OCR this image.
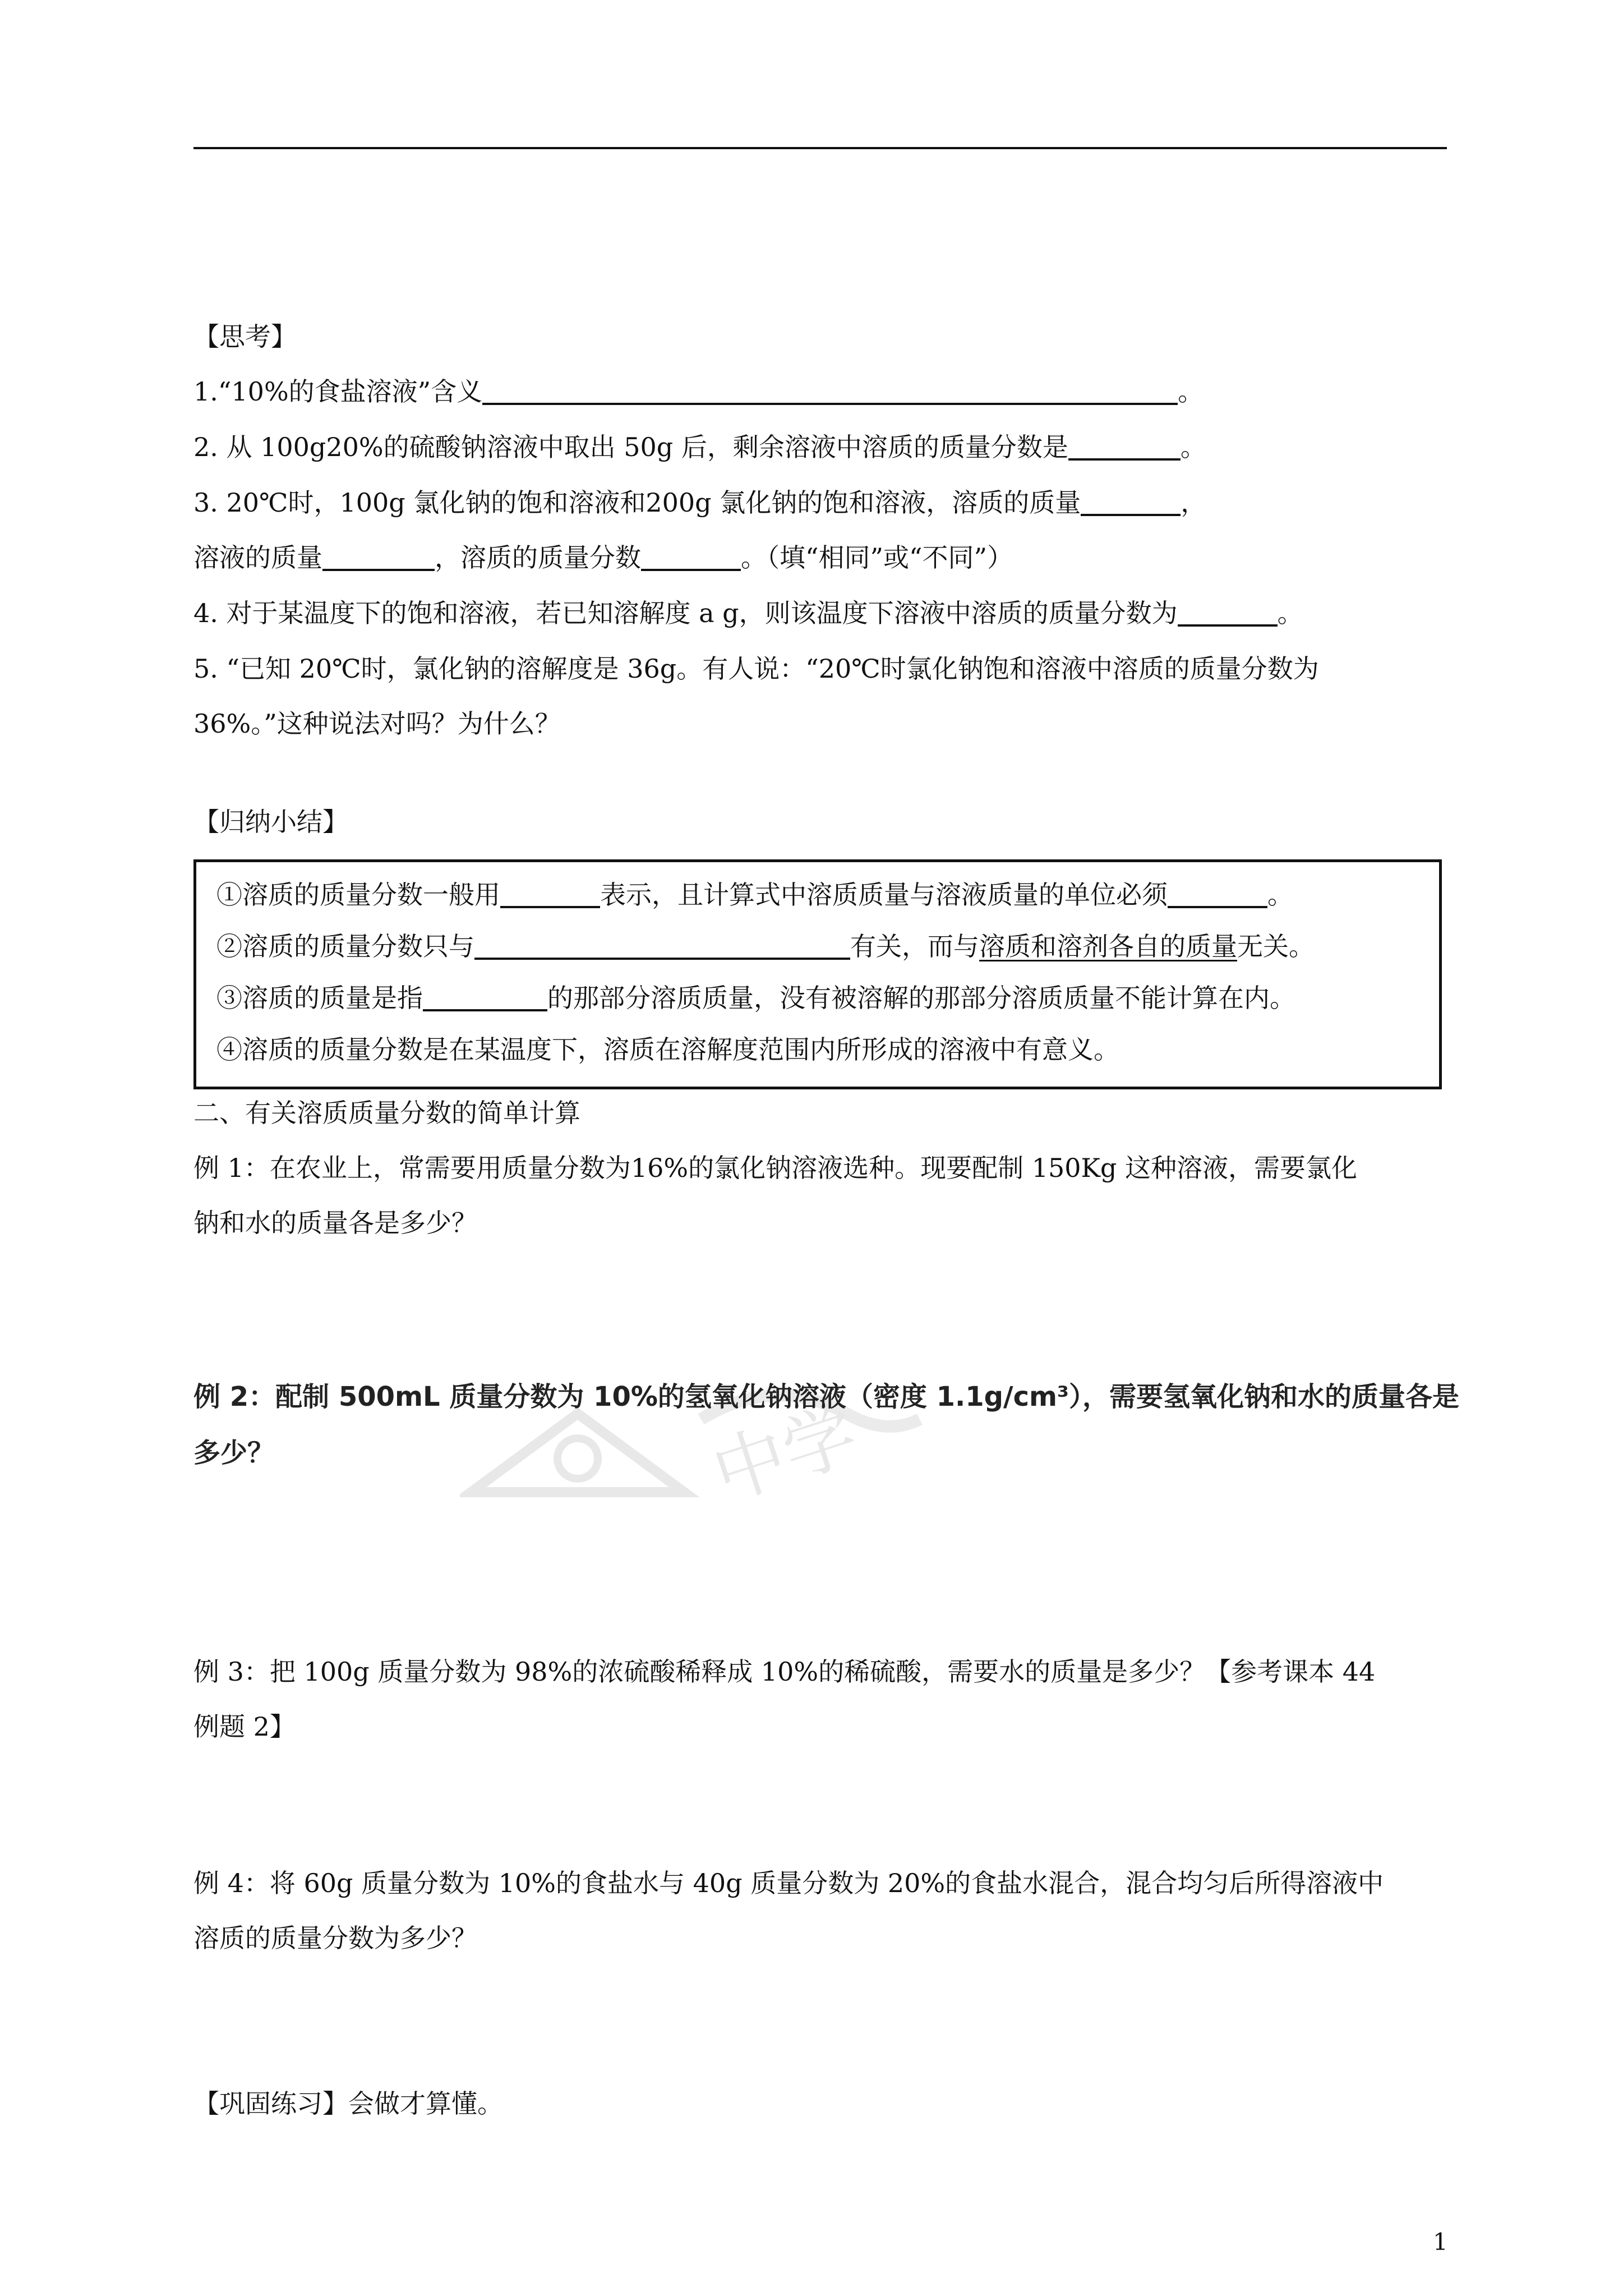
【思考】
1.“10%的食盐溶液”含义	。
2. 从 100g20%的硫酸钠溶液中取出 50g 后，剩余溶液中溶质的质量分数是	。
3. 20℃时，100g 氯化钠的饱和溶液和200g 氯化钠的饱和溶液，溶质的质量	，
溶液的质量	，溶质的质量分数	。（填“相同”或“不同”）
4. 对于某温度下的饱和溶液，若已知溶解度 a g，则该温度下溶液中溶质的质量分数为	。
5. “已知 20℃时，氯化钠的溶解度是 36g。有人说：“20℃时氯化钠饱和溶液中溶质的质量分数为
36%。”这种说法对吗？为什么？
【归纳小结】
①溶质的质量分数一般用	表示，且计算式中溶质质量与溶液质量的单位必须	。
②溶质的质量分数只与	有关，而与溶质和溶剂各自的质量无关。
③溶质的质量是指	的那部分溶质质量，没有被溶解的那部分溶质质量不能计算在内。
④溶质的质量分数是在某温度下，溶质在溶解度范围内所形成的溶液中有意义。
二、有关溶质质量分数的简单计算
例 1：在农业上，常需要用质量分数为16%的氯化钠溶液选种。现要配制 150Kg 这种溶液，需要氯化
钠和水的质量各是多少？
中学
例 2：配制 500mL 质量分数为 10%的氢氧化钠溶液（密度 1.1g/cm³），需要氢氧化钠和水的质量各是
多少？
例 3：把 100g 质量分数为 98%的浓硫酸稀释成 10%的稀硫酸，需要水的质量是多少？【参考课本 44
例题 2】
例 4：将 60g 质量分数为 10%的食盐水与 40g 质量分数为 20%的食盐水混合，混合均匀后所得溶液中
溶质的质量分数为多少？
【巩固练习】会做才算懂。
1
